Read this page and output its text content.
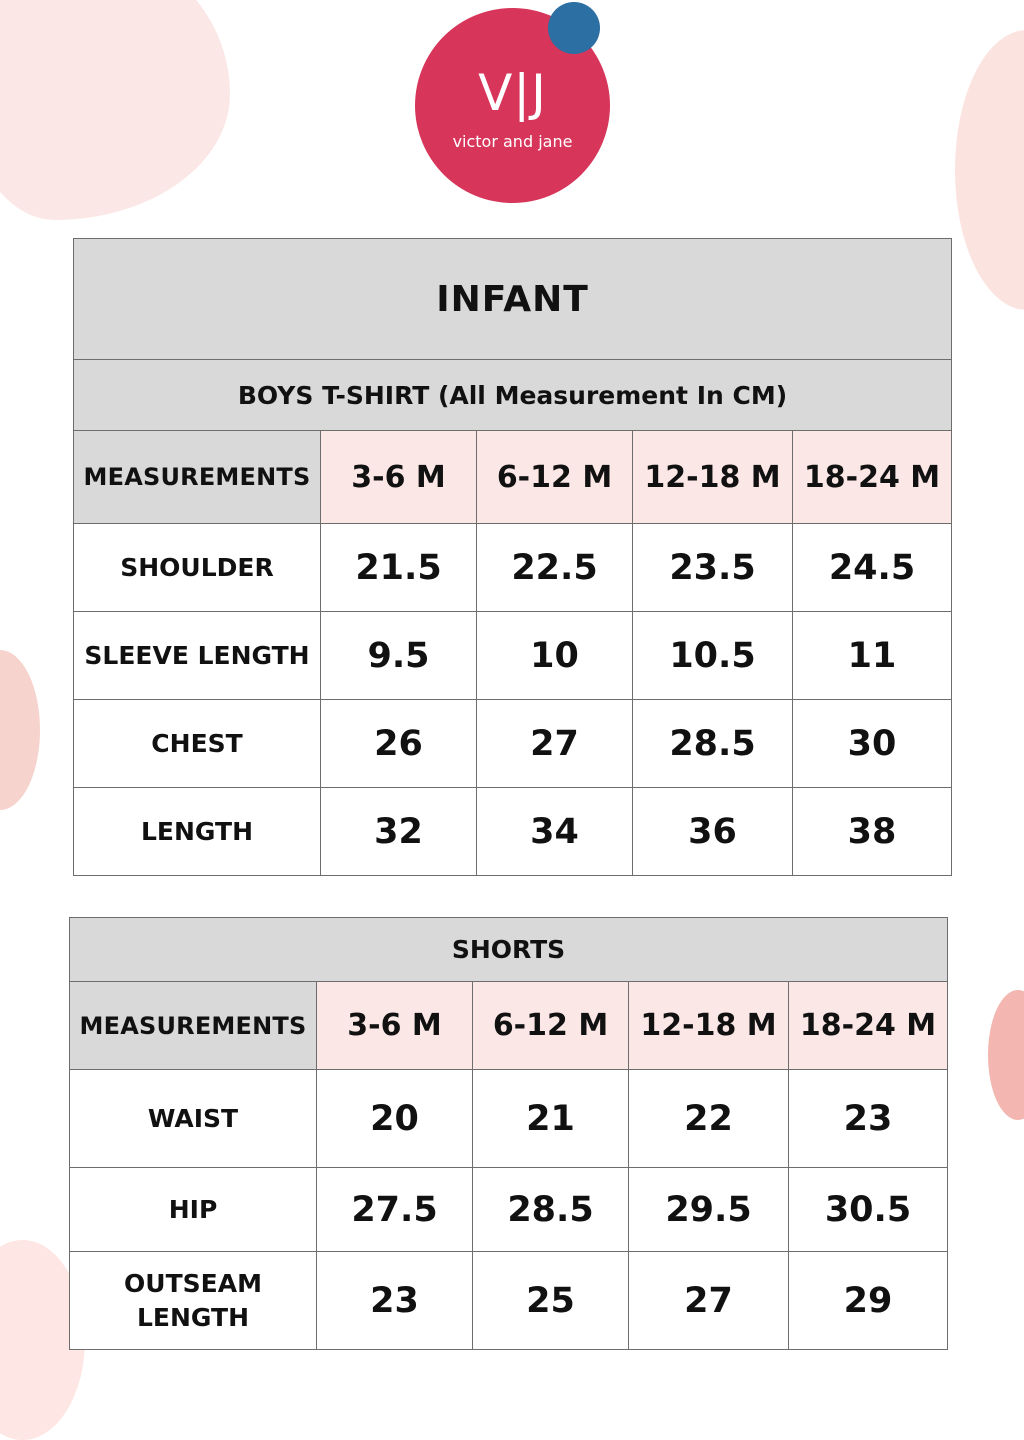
V|J
victor and jane
INFANT				
BOYS T-SHIRT (All Measurement In CM)				
MEASUREMENTS	3-6 M	6-12 M	12-18 M	18-24 M
SHOULDER	21.5	22.5	23.5	24.5
SLEEVE LENGTH	9.5	10	10.5	11
CHEST	26	27	28.5	30
LENGTH	32	34	36	38
SHORTS				
MEASUREMENTS	3-6 M	6-12 M	12-18 M	18-24 M
WAIST	20	21	22	23
HIP	27.5	28.5	29.5	30.5
OUTSEAM LENGTH	23	25	27	29
